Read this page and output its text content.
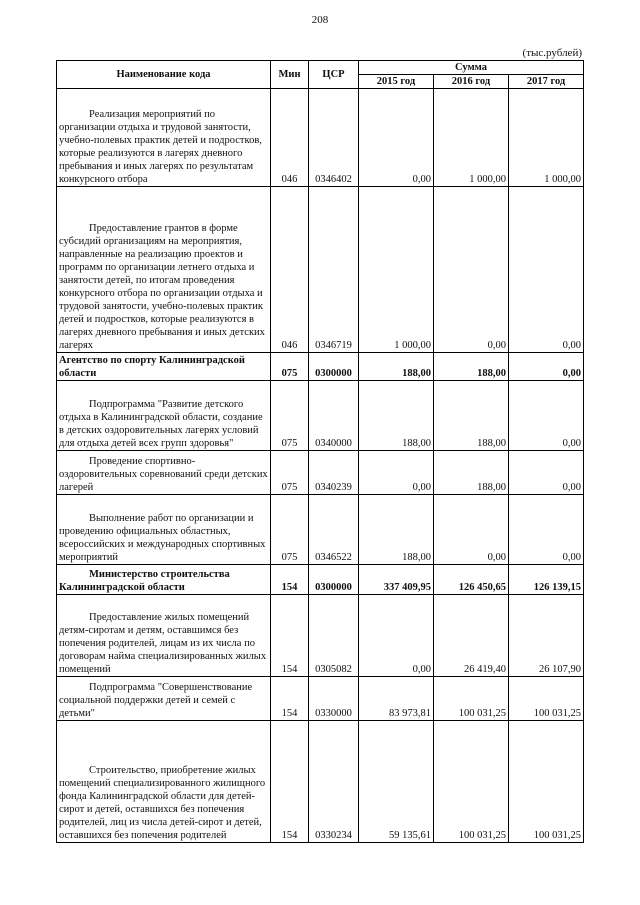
208
(тыс.рублей)
Наименование кода	Мин	ЦСР	Сумма		
			2015 год	2016 год	2017 год
Реализация мероприятий по организации отдыха и трудовой занятости, учебно-полевых практик детей и подростков, которые реализуются в лагерях дневного пребывания и иных лагерях по результатам конкурсного отбора	046	0346402	0,00	1 000,00	1 000,00
Предоставление грантов в форме субсидий организациям на мероприятия, направленные на реализацию проектов и программ по организации летнего отдыха и занятости детей, по итогам проведения конкурсного отбора по организации отдыха и трудовой занятости, учебно-полевых практик детей и подростков, которые реализуются в лагерях дневного пребывания и иных детских лагерях	046	0346719	1 000,00	0,00	0,00
Агентство по спорту Калининградской области	075	0300000	188,00	188,00	0,00
Подпрограмма "Развитие детского отдыха в Калининградской области, создание в детских оздоровительных лагерях условий для отдыха детей всех групп здоровья"	075	0340000	188,00	188,00	0,00
Проведение спортивно-оздоровительных соревнований среди детских лагерей	075	0340239	0,00	188,00	0,00
Выполнение работ по организации и проведению официальных областных, всероссийских и международных спортивных мероприятий	075	0346522	188,00	0,00	0,00
Министерство строительства Калининградской области	154	0300000	337 409,95	126 450,65	126 139,15
Предоставление жилых помещений детям-сиротам и детям, оставшимся без попечения родителей, лицам из их числа по договорам найма специализированных жилых помещений	154	0305082	0,00	26 419,40	26 107,90
Подпрограмма "Совершенствование социальной поддержки детей и семей с детьми"	154	0330000	83 973,81	100 031,25	100 031,25
Строительство, приобретение жилых помещений специализированного жилищного фонда Калининградской области для детей-сирот и детей, оставшихся без попечения родителей, лиц из числа детей-сирот и детей, оставшихся без попечения родителей	154	0330234	59 135,61	100 031,25	100 031,25
